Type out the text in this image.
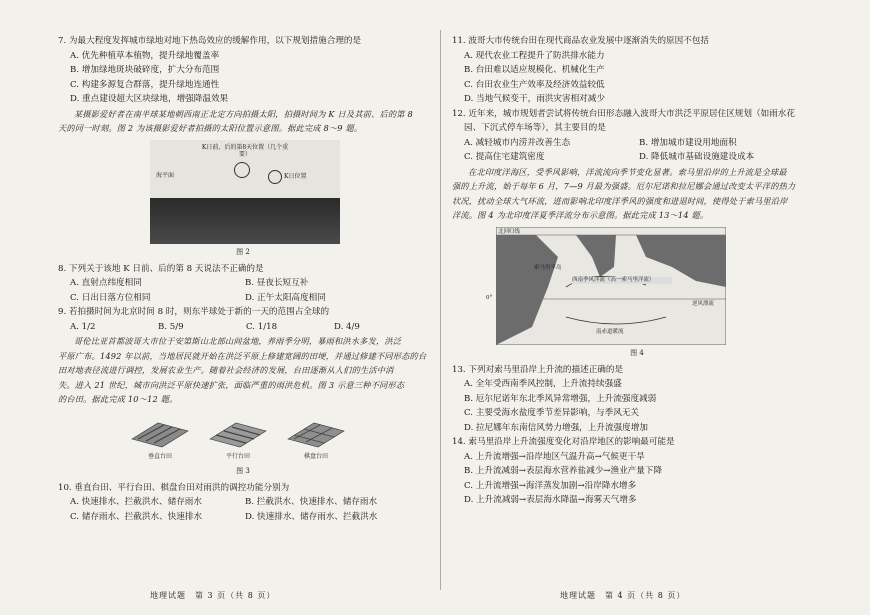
7. 为最大程度发挥城市绿地对地下热岛效应的缓解作用，以下规划措施合理的是

A. 优先种植草本植物，提升绿地覆盖率

B. 增加绿地斑块破碎度，扩大分布范围

C. 构建多源复合群落，提升绿地连通性

D. 重点建设超大区块绿地，增强降温效果

某摄影爱好者在南半球某地朝西南正北定方向拍摄太阳，拍摄时间为 K 日及其前、后的第 8

天的同一时刻。图 2 为该摄影爱好者拍摄的太阳位置示意图。据此完成 8～9 题。

K日前、后的第8天位置（几个重要）
K日位置
海平面
图 2

8. 下列关于该地 K 日前、后的第 8 天说法不正确的是

A. 直射点纬度相同	B. 昼夜长短互补
C. 日出日落方位相同	D. 正午太阳高度相同

9. 若拍摄时间为北京时间 8 时，则东半球处于新的一天的范围占全球的

A. 1/2	B. 5/9	C. 1/18	D. 4/9

哥伦比亚首都波哥大市位于安第斯山北部山间盆地，养雨季分明，暴雨和洪水多发，洪泛

平原广布。1492 年以前，当地居民就开始在洪泛平原上修建宽阔的田埂，并通过修建不同形态的台

田对地表径流进行调控，发展农业生产。随着社会经济的发展，台田逐渐从人们的生活中消

失。进入 21 世纪，城市向洪泛平原快速扩张，面临严重的雨洪危机。图 3 示意三种不同形态

的台田。据此完成 10～12 题。

垂直台田	平行台田	棋盘台田
图 3

10. 垂直台田、平行台田、棋盘台田对雨洪的调控功能分别为

A. 快速排水、拦截洪水、储存雨水	B. 拦截洪水、快速排水、储存雨水
C. 储存雨水、拦截洪水、快速排水	D. 快速排水、储存雨水、拦截洪水

11. 波哥大市传统台田在现代商品农业发展中逐渐消失的原因不包括

A. 现代农业工程提升了防洪排水能力

B. 台田难以适应规模化、机械化生产

C. 台田农业生产效率及经济效益较低

D. 当地气候变干，雨洪灾害相对减少

12. 近年来，城市规划者尝试将传统台田形态融入波哥大市洪泛平原居住区规划（如雨水花

园、下沉式停车场等），其主要目的是

A. 减轻城市内涝并改善生态	B. 增加城市建设用地面积
C. 提高住宅建筑密度	D. 降低城市基础设施建设成本

在北印度洋海区，受季风影响，洋流流向季节变化显著。索马里沿岸的上升流是全球最

强的上升流，始于每年 6 月，7—9 月最为强盛。厄尔尼诺和拉尼娜会通过改变太平洋的热力

状况，扰动全球大气环流，进而影响北印度洋季风的强度和进退时间，使得处于索马里沿岸

洋流。图 4 为北印度洋夏季洋流分布示意图。据此完成 13～14 题。

北回归线
索马里半岛
西南季风洋流（高一索马里洋流）
0°
南赤道暖流
逆风漂流
图 4

13. 下列对索马里沿岸上升流的描述正确的是

A. 全年受西南季风控制，上升流持续强盛

B. 厄尔尼诺年东北季风异常增强，上升流强度减弱

C. 主要受海水盐度季节差异影响，与季风无关

D. 拉尼娜年东南信风势力增强，上升流强度增加

14. 索马里沿岸上升流强度变化对沿岸地区的影响最可能是

A. 上升流增强→沿岸地区气温升高→气候更干旱

B. 上升流减弱→表层海水营养盐减少→渔业产量下降

C. 上升流增强→海洋蒸发加剧→沿岸降水增多

D. 上升流减弱→表层海水降温→海雾天气增多

地理试题　第 3 页（共 8 页）	地理试题　第 4 页（共 8 页）
